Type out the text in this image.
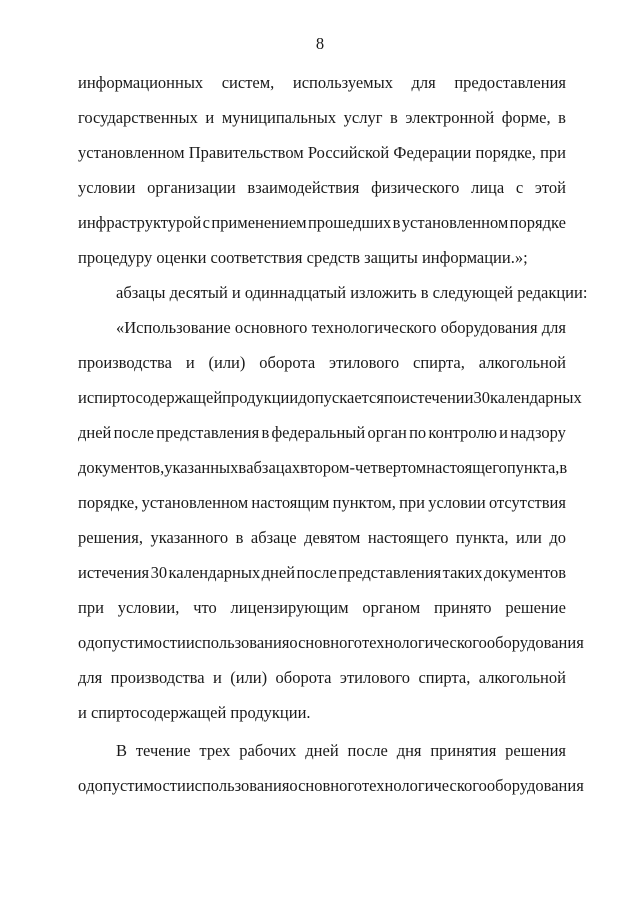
8
информационных систем, используемых для предоставления
государственных и муниципальных услуг в электронной форме, в
установленном Правительством Российской Федерации порядке, при
условии организации взаимодействия физического лица с этой
инфраструктурой с применением прошедших в установленном порядке
процедуру оценки соответствия средств защиты информации.»;
абзацы десятый и одиннадцатый изложить в следующей редакции:
«Использование основного технологического оборудования для
производства и (или) оборота этилового спирта, алкогольной
и спиртосодержащей продукции допускается по истечении 30 календарных
дней после представления в федеральный орган по контролю и надзору
документов, указанных в абзацах втором - четвертом настоящего пункта, в
порядке, установленном настоящим пунктом, при условии отсутствия
решения, указанного в абзаце девятом настоящего пункта, или до
истечения 30 календарных дней после представления таких документов
при условии, что лицензирующим органом принято решение
о допустимости использования основного технологического оборудования
для производства и (или) оборота этилового спирта, алкогольной
и спиртосодержащей продукции.
В течение трех рабочих дней после дня принятия решения
о допустимости использования основного технологического оборудования
